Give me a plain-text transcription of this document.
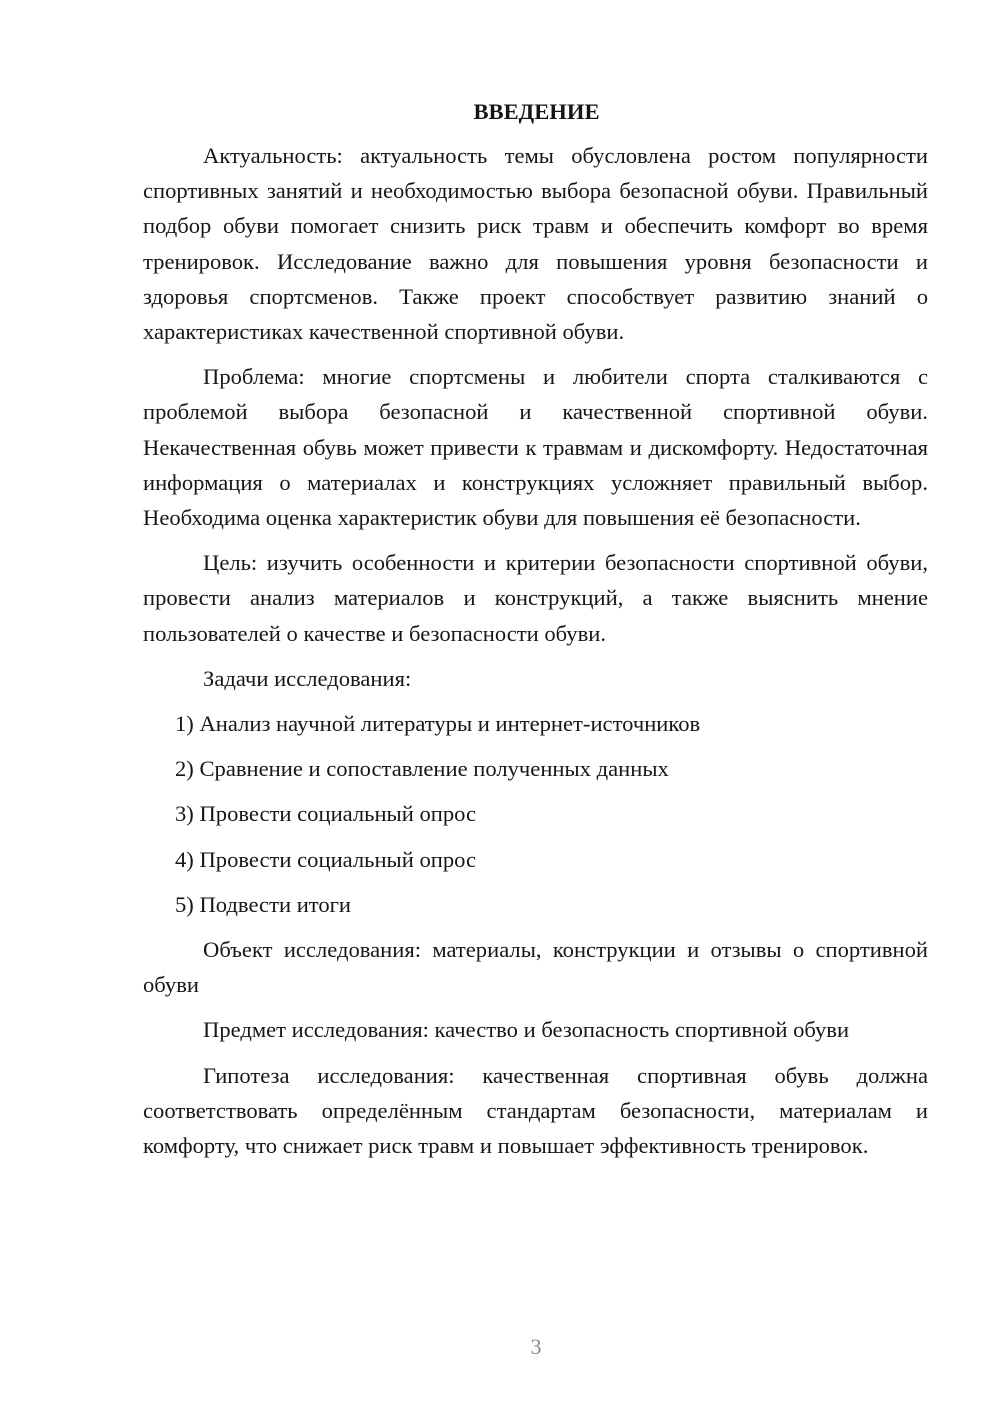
ВВЕДЕНИЕ

Актуальность: актуальность темы обусловлена ростом популярности спортивных занятий и необходимостью выбора безопасной обуви. Правильный подбор обуви помогает снизить риск травм и обеспечить комфорт во время тренировок. Исследование важно для повышения уровня безопасности и здоровья спортсменов. Также проект способствует развитию знаний о характеристиках качественной спортивной обуви.

Проблема: многие спортсмены и любители спорта сталкиваются с проблемой выбора безопасной и качественной спортивной обуви. Некачественная обувь может привести к травмам и дискомфорту. Недостаточная информация о материалах и конструкциях усложняет правильный выбор. Необходима оценка характеристик обуви для повышения её безопасности.

Цель: изучить особенности и критерии безопасности спортивной обуви, провести анализ материалов и конструкций, а также выяснить мнение пользователей о качестве и безопасности обуви.

Задачи исследования:

1) Анализ научной литературы и интернет-источников
2) Сравнение и сопоставление полученных данных
3) Провести социальный опрос
4) Провести социальный опрос
5) Подвести итоги

Объект исследования: материалы, конструкции и отзывы о спортивной обуви

Предмет исследования: качество и безопасность спортивной обуви

Гипотеза исследования: качественная спортивная обувь должна соответствовать определённым стандартам безопасности, материалам и комфорту, что снижает риск травм и повышает эффективность тренировок.

3
